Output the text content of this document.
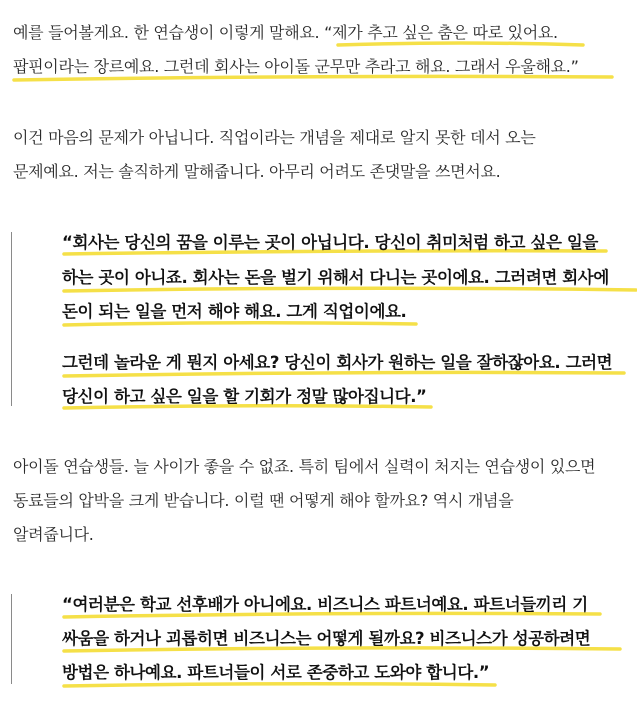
예를 들어볼게요. 한 연습생이 이렇게 말해요. “제가 추고 싶은 춤은 따로 있어요.
팝핀이라는 장르예요. 그런데 회사는 아이돌 군무만 추라고 해요. 그래서 우울해요.”
이건 마음의 문제가 아닙니다. 직업이라는 개념을 제대로 알지 못한 데서 오는
문제예요. 저는 솔직하게 말해줍니다. 아무리 어려도 존댓말을 쓰면서요.
“회사는 당신의 꿈을 이루는 곳이 아닙니다. 당신이 취미처럼 하고 싶은 일을
하는 곳이 아니죠. 회사는 돈을 벌기 위해서 다니는 곳이에요. 그러려면 회사에
돈이 되는 일을 먼저 해야 해요. 그게 직업이에요.
그런데 놀라운 게 뭔지 아세요? 당신이 회사가 원하는 일을 잘하잖아요. 그러면
당신이 하고 싶은 일을 할 기회가 정말 많아집니다.”
아이돌 연습생들. 늘 사이가 좋을 수 없죠. 특히 팀에서 실력이 처지는 연습생이 있으면
동료들의 압박을 크게 받습니다. 이럴 땐 어떻게 해야 할까요? 역시 개념을
알려줍니다.
“여러분은 학교 선후배가 아니에요. 비즈니스 파트너예요. 파트너들끼리 기
싸움을 하거나 괴롭히면 비즈니스는 어떻게 될까요? 비즈니스가 성공하려면
방법은 하나예요. 파트너들이 서로 존중하고 도와야 합니다.”
